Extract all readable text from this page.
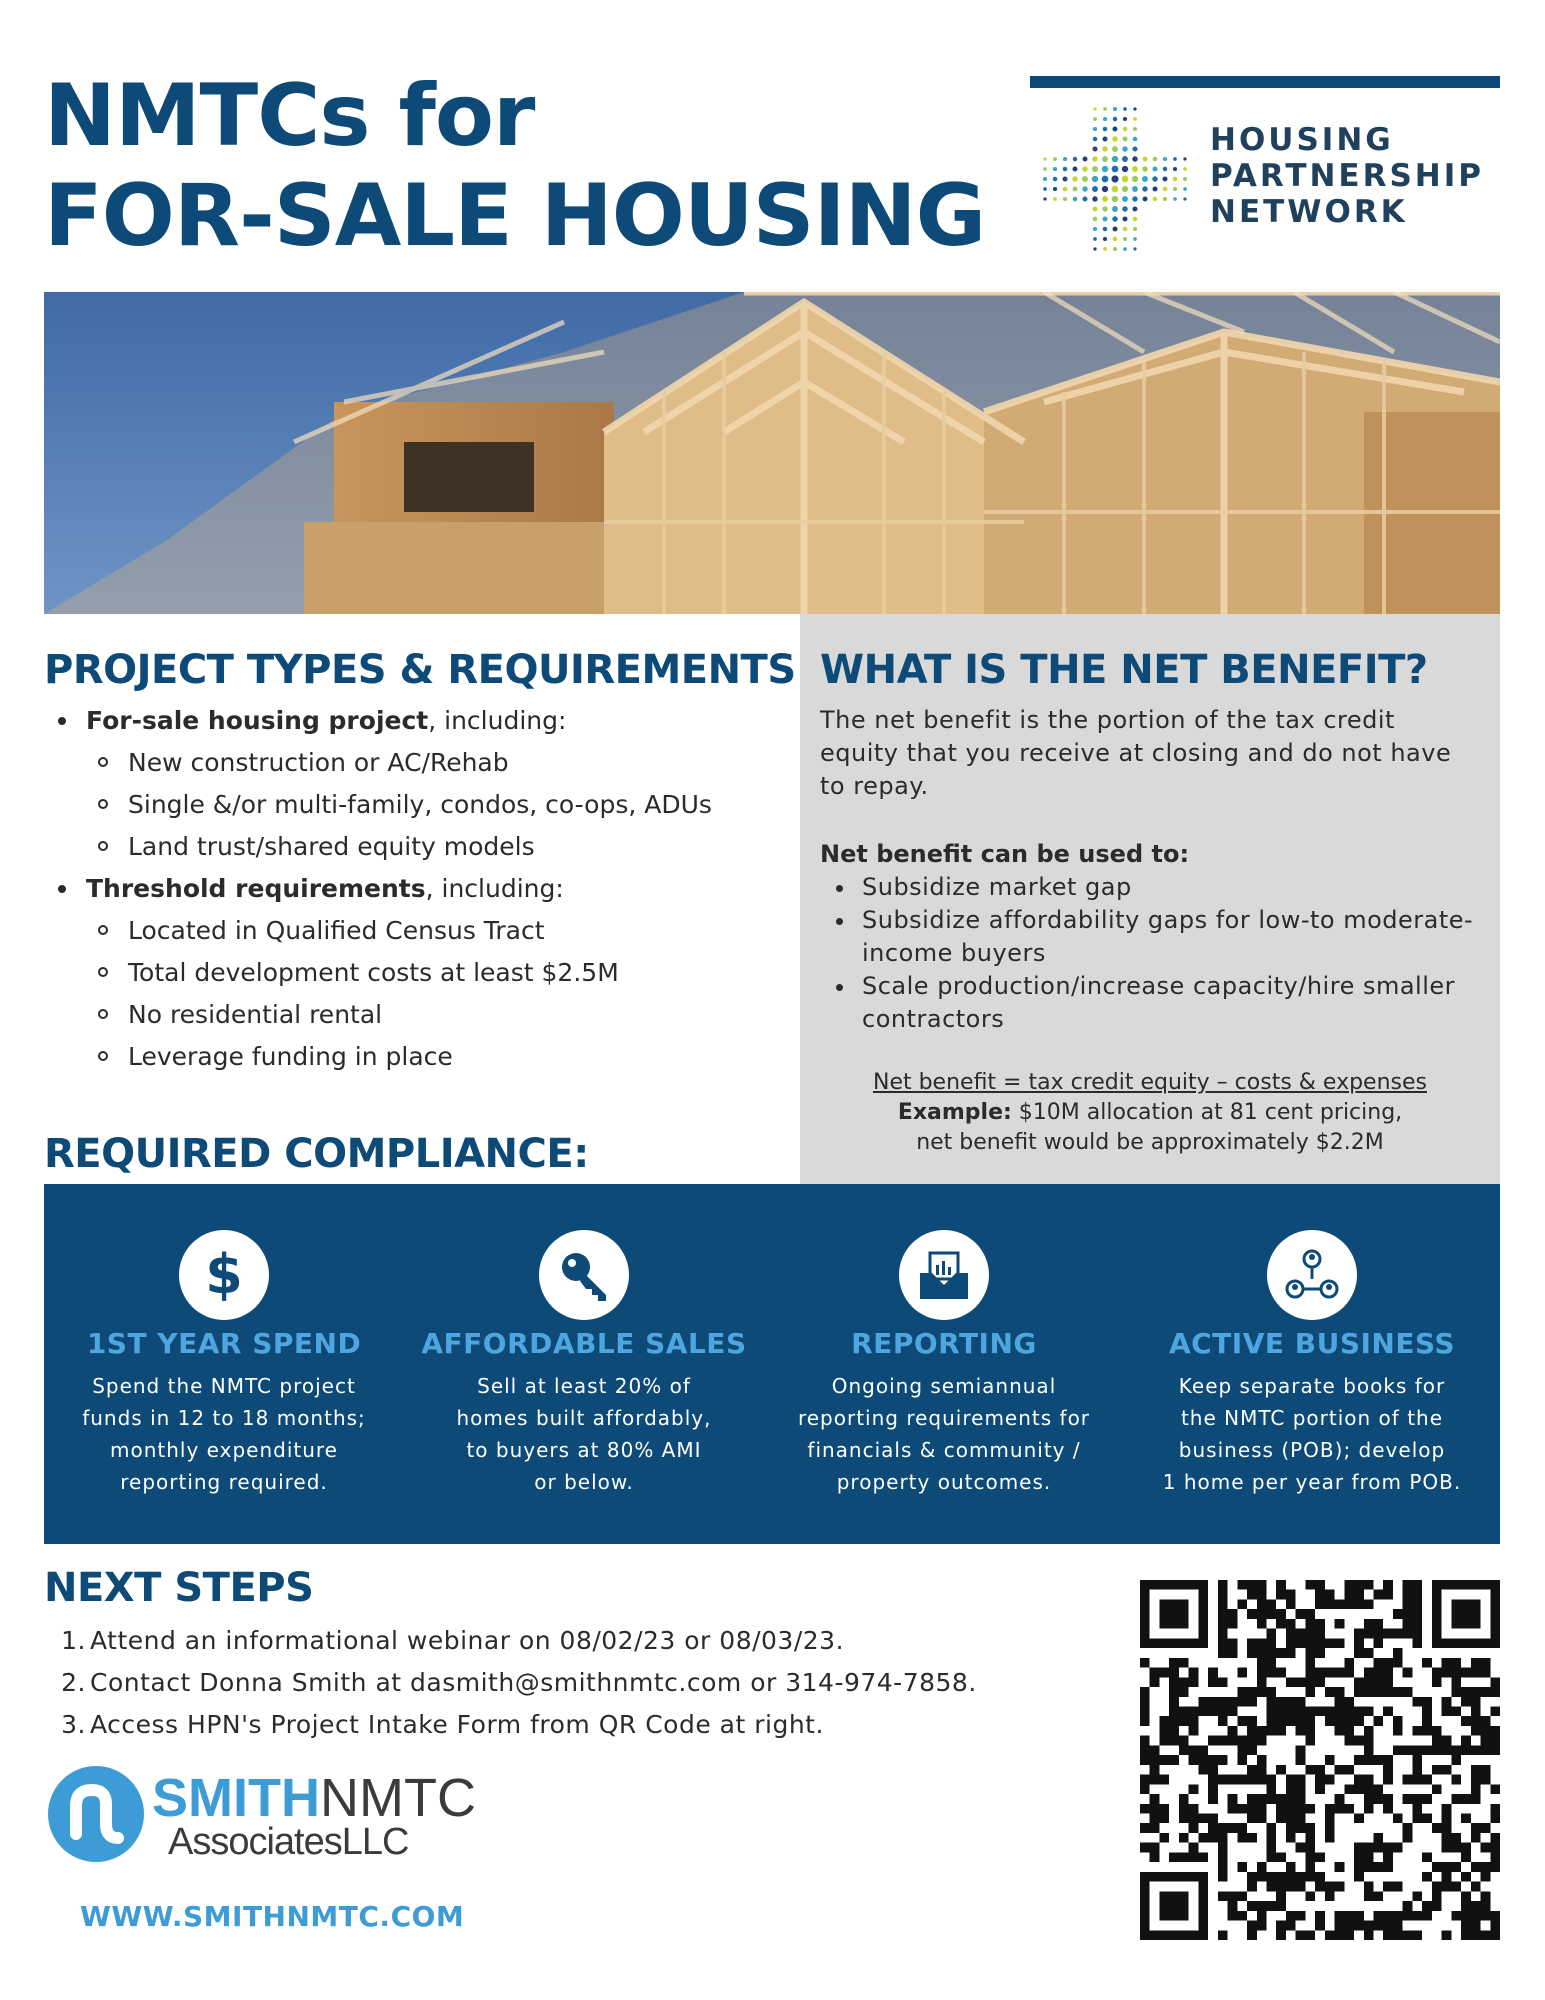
NMTCs for
FOR-SALE HOUSING
HOUSING
PARTNERSHIP
NETWORK
PROJECT TYPES & REQUIREMENTS
For-sale housing project, including:
New construction or AC/Rehab
Single &/or multi-family, condos, co-ops, ADUs
Land trust/shared equity models
Threshold requirements, including:
Located in Qualified Census Tract
Total development costs at least $2.5M
No residential rental
Leverage funding in place
WHAT IS THE NET BENEFIT?

The net benefit is the portion of the tax credit equity that you receive at closing and do not have to repay.

Net benefit can be used to:
Subsidize market gap
Subsidize affordability gaps for low-to moderate-income buyers
Scale production/increase capacity/hire smaller contractors
Net benefit = tax credit equity – costs & expenses
Example: $10M allocation at 81 cent pricing,
net benefit would be approximately $2.2M
REQUIRED COMPLIANCE:
$
1ST YEAR SPEND
Spend the NMTC project
funds in 12 to 18 months;
monthly expenditure
reporting required.
AFFORDABLE SALES
Sell at least 20% of
homes built affordably,
to buyers at 80% AMI
or below.
REPORTING
Ongoing semiannual
reporting requirements for
financials & community /
property outcomes.
ACTIVE BUSINESS
Keep separate books for
the NMTC portion of the
business (POB); develop
1 home per year from POB.
NEXT STEPS
1. Attend an informational webinar on 08/02/23 or 08/03/23.
2. Contact Donna Smith at dasmith@smithnmtc.com or 314-974-7858.
3. Access HPN's Project Intake Form from QR Code at right.
SMITHNMTC
AssociatesLLC
WWW.SMITHNMTC.COM
